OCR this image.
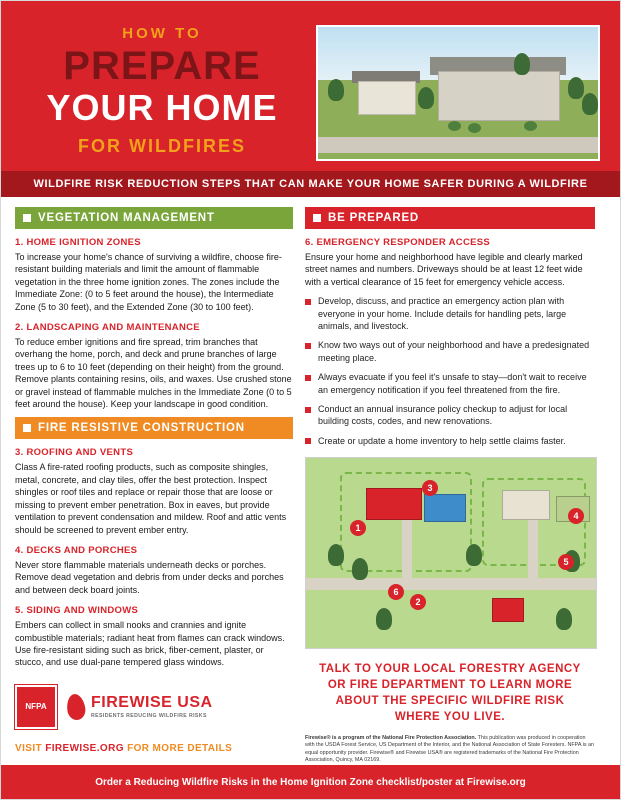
HOW TO
PREPARE
YOUR HOME
FOR WILDFIRES
WILDFIRE RISK REDUCTION STEPS THAT CAN MAKE YOUR HOME SAFER DURING A WILDFIRE
VEGETATION MANAGEMENT
1. HOME IGNITION ZONES

To increase your home's chance of surviving a wildfire, choose fire-resistant building materials and limit the amount of flammable vegetation in the three home ignition zones. The zones include the Immediate Zone: (0 to 5 feet around the house), the Intermediate Zone (5 to 30 feet), and the Extended Zone (30 to 100 feet).

2. LANDSCAPING AND MAINTENANCE

To reduce ember ignitions and fire spread, trim branches that overhang the home, porch, and deck and prune branches of large trees up to 6 to 10 feet (depending on their height) from the ground. Remove plants containing resins, oils, and waxes. Use crushed stone or gravel instead of flammable mulches in the Immediate Zone (0 to 5 feet around the house). Keep your landscape in good condition.

FIRE RESISTIVE CONSTRUCTION
3. ROOFING AND VENTS

Class A fire-rated roofing products, such as composite shingles, metal, concrete, and clay tiles, offer the best protection. Inspect shingles or roof tiles and replace or repair those that are loose or missing to prevent ember penetration. Box in eaves, but provide ventilation to prevent condensation and mildew. Roof and attic vents should be screened to prevent ember entry.

4. DECKS AND PORCHES

Never store flammable materials underneath decks or porches. Remove dead vegetation and debris from under decks and porches and between deck board joints.

5. SIDING AND WINDOWS

Embers can collect in small nooks and crannies and ignite combustible materials; radiant heat from flames can crack windows. Use fire-resistant siding such as brick, fiber-cement, plaster, or stucco, and use dual-pane tempered glass windows.

NFPA	FIREWISE USA
RESIDENTS REDUCING WILDFIRE RISKS
VISIT FIREWISE.ORG FOR MORE DETAILS
BE PREPARED
6. EMERGENCY RESPONDER ACCESS

Ensure your home and neighborhood have legible and clearly marked street names and numbers. Driveways should be at least 12 feet wide with a vertical clearance of 15 feet for emergency vehicle access.

Develop, discuss, and practice an emergency action plan with everyone in your home. Include details for handling pets, large animals, and livestock.
Know two ways out of your neighborhood and have a predesignated meeting place.
Always evacuate if you feel it's unsafe to stay—don't wait to receive an emergency notification if you feel threatened from the fire.
Conduct an annual insurance policy checkup to adjust for local building costs, codes, and new renovations.
Create or update a home inventory to help settle claims faster.
1
2
3
4
5
6
TALK TO YOUR LOCAL FORESTRY AGENCY
OR FIRE DEPARTMENT TO LEARN MORE
ABOUT THE SPECIFIC WILDFIRE RISK
WHERE YOU LIVE.
Firewise® is a program of the National Fire Protection Association. This publication was produced in cooperation with the USDA Forest Service, US Department of the Interior, and the National Association of State Foresters. NFPA is an equal opportunity provider. Firewise® and Firewise USA® are registered trademarks of the National Fire Protection Association, Quincy, MA 02169.
Order a Reducing Wildfire Risks in the Home Ignition Zone checklist/poster at Firewise.org
